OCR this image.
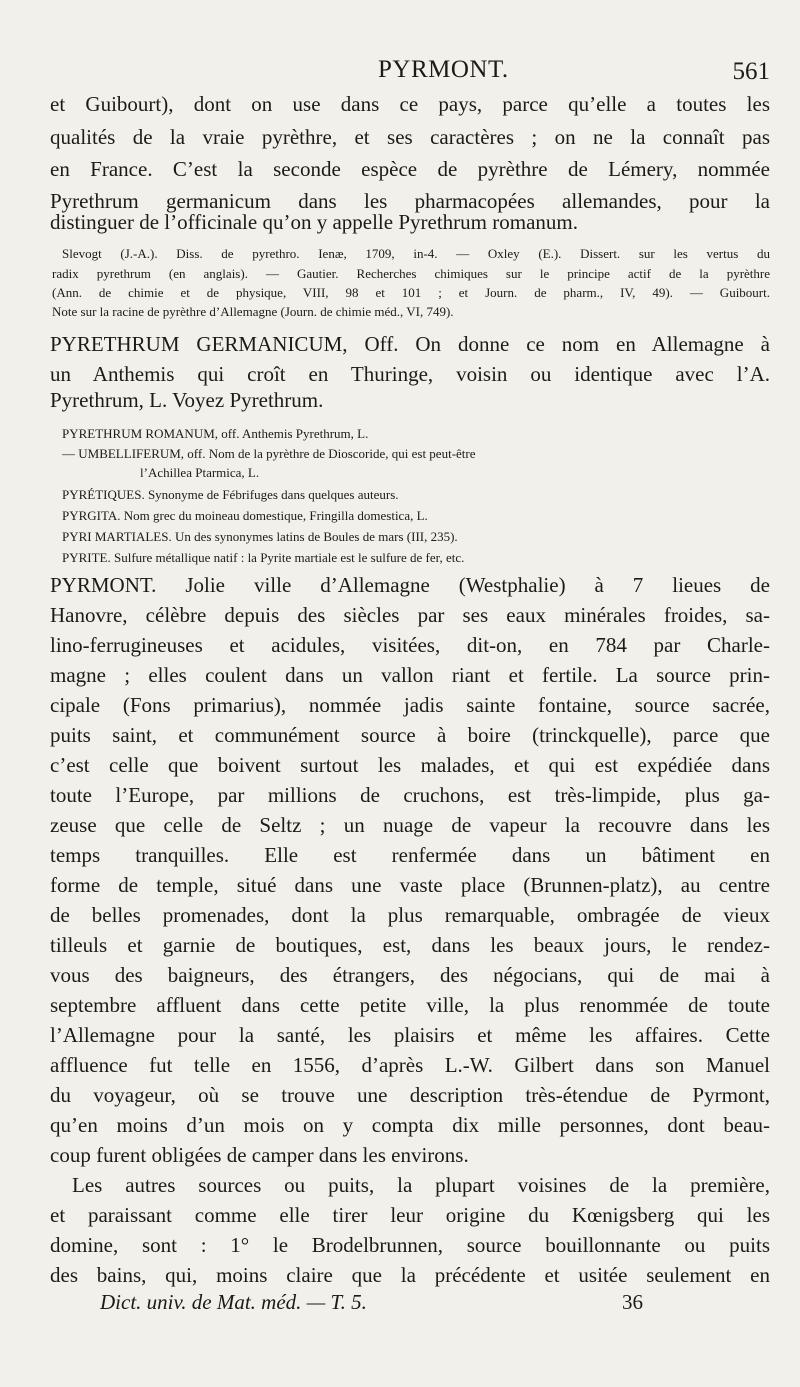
PYRMONT.	561
et Guibourt), dont on use dans ce pays, parce qu’elle a toutes les
qualités de la vraie pyrèthre, et ses caractères ; on ne la connaît pas
en France. C’est la seconde espèce de pyrèthre de Lémery, nommée
Pyrethrum germanicum dans les pharmacopées allemandes, pour la
distinguer de l’officinale qu’on y appelle Pyrethrum romanum.
Slevogt (J.-A.). Diss. de pyrethro. Ienæ, 1709, in-4. — Oxley (E.). Dissert. sur les vertus du
radix pyrethrum (en anglais). — Gautier. Recherches chimiques sur le principe actif de la pyrèthre
(Ann. de chimie et de physique, VIII, 98 et 101 ; et Journ. de pharm., IV, 49). — Guibourt.
Note sur la racine de pyrèthre d’Allemagne (Journ. de chimie méd., VI, 749).
PYRETHRUM GERMANICUM, Off. On donne ce nom en Allemagne à
un Anthemis qui croît en Thuringe, voisin ou identique avec l’A.
Pyrethrum, L. Voyez Pyrethrum.
PYRETHRUM ROMANUM, off. Anthemis Pyrethrum, L.
— UMBELLIFERUM, off. Nom de la pyrèthre de Dioscoride, qui est peut-être
l’Achillea Ptarmica, L.
PYRÉTIQUES. Synonyme de Fébrifuges dans quelques auteurs.
PYRGITA. Nom grec du moineau domestique, Fringilla domestica, L.
PYRI MARTIALES. Un des synonymes latins de Boules de mars (III, 235).
PYRITE. Sulfure métallique natif : la Pyrite martiale est le sulfure de fer, etc.
PYRMONT. Jolie ville d’Allemagne (Westphalie) à 7 lieues de
Hanovre, célèbre depuis des siècles par ses eaux minérales froides, sa-
lino-ferrugineuses et acidules, visitées, dit-on, en 784 par Charle-
magne ; elles coulent dans un vallon riant et fertile. La source prin-
cipale (Fons primarius), nommée jadis sainte fontaine, source sacrée,
puits saint, et communément source à boire (trinckquelle), parce que
c’est celle que boivent surtout les malades, et qui est expédiée dans
toute l’Europe, par millions de cruchons, est très-limpide, plus ga-
zeuse que celle de Seltz ; un nuage de vapeur la recouvre dans les
temps tranquilles. Elle est renfermée dans un bâtiment en
forme de temple, situé dans une vaste place (Brunnen-platz), au centre
de belles promenades, dont la plus remarquable, ombragée de vieux
tilleuls et garnie de boutiques, est, dans les beaux jours, le rendez-
vous des baigneurs, des étrangers, des négocians, qui de mai à
septembre affluent dans cette petite ville, la plus renommée de toute
l’Allemagne pour la santé, les plaisirs et même les affaires. Cette
affluence fut telle en 1556, d’après L.-W. Gilbert dans son Manuel
du voyageur, où se trouve une description très-étendue de Pyrmont,
qu’en moins d’un mois on y compta dix mille personnes, dont beau-
coup furent obligées de camper dans les environs.
Les autres sources ou puits, la plupart voisines de la première,
et paraissant comme elle tirer leur origine du Kœnigsberg qui les
domine, sont : 1° le Brodelbrunnen, source bouillonnante ou puits
des bains, qui, moins claire que la précédente et usitée seulement en
Dict. univ. de Mat. méd. — T. 5.	36
